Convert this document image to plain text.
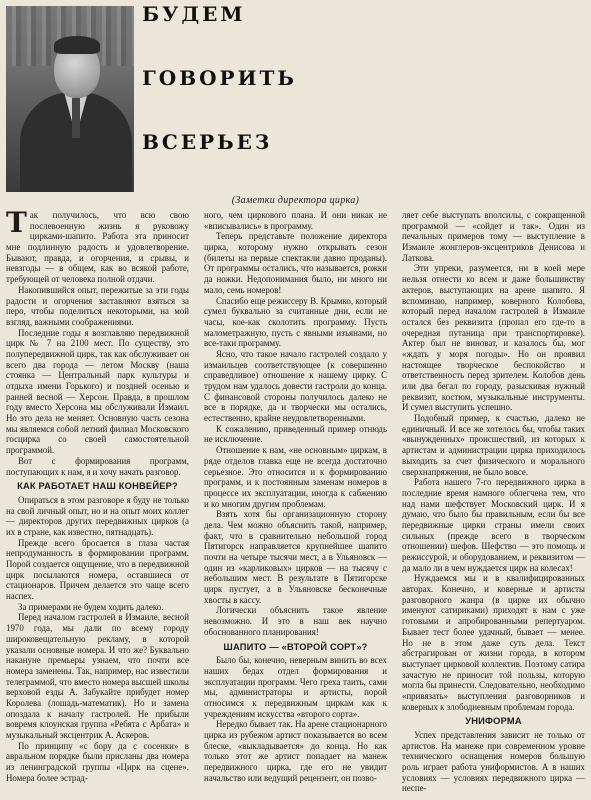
БУДЕМ
ГОВОРИТЬ
ВСЕРЬЕЗ
(Заметки директора цирка)

Так получилось, что всю свою послевоенную жизнь я руковожу цирками-шапито. Работа эта приносит мне подлинную радость и удовлетворение. Бывают, правда, и огорчения, и срывы, и невзгоды — в общем, как во всякой работе, требующей от человека полной отдачи.

Накопившийся опыт, пережитые за эти годы радости и огорчения заставляют взяться за перо, чтобы поделиться некоторыми, на мой взгляд, важными соображениями.

Последние годы я возглавляю передвижной цирк № 7 на 2100 мест. По существу, это полупередвижной цирк, так как обслуживает он всего два города — летом Москву (наша стоянка — Центральный парк культуры и отдыха имени Горького) и поздней осенью и ранней весной — Херсон. Правда, в прошлом году вместо Херсона мы обслуживали Измаил. Но это дела не меняет. Основную часть сезона мы являемся собой летний филиал Московского госцирка со своей самостоятельной программой.

Вот с формирования программ, поступающих к нам, я и хочу начать разговор.

КАК РАБОТАЕТ НАШ КОНВЕЙЕР?

Опираться в этом разговоре я буду не только на свой личный опыт, но и на опыт моих коллег — директоров других передвижных цирков (а их в стране, как известно, пятнадцать).

Прежде всего бросается в глаза частая непродуманность в формировании программ. Порой создается ощущение, что в передвижной цирк посылаются номера, оставшиеся от стационаров. Причем делается это чаще всего наспех.

За примерами не будем ходить далеко.

Перед началом гастролей в Измаиле, весной 1970 года, мы дали по всему городу широковещательную рекламу, в которой указали основные номера. И что же? Буквально накануне премьеры узнаем, что почти все номера заменены. Так, например, нас известили телеграммой, что вместо номера высшей школы верховой езды А. Забукайте прибудет номер Королева (лошадь-математик). Но и замена опоздала к началу гастролей. Не прибыли вовремя клоунская группа «Ребята с Арбата» и музыкальный эксцентрик А. Аскеров.

По принципу «с бору да с сосенки» в авральном порядке были присланы два номера из ленинградской группы «Цирк на сцене». Номера более эстрад-

ного, чем циркового плана. И они никак не «вписывались» в программу.

Теперь представьте положение директора цирка, которому нужно открывать сезон (билеты на первые спектакли давно проданы). От программы остались, что называется, рожки да ножки. Недопонимания было, ни много ни мало, семь номеров!

Спасибо еще режиссеру В. Крымко, который сумел буквально за считанные дни, если не часы, кое-как сколотить программу. Пусть малометражную, пусть с явными изъянами, но все-таки программу.

Ясно, что такое начало гастролей создало у измаильцев соответствующее (к совершенно справедливое) отношение к нашему цирку. С трудом нам удалось довести гастроли до конца. С финансовой стороны получилось далеко не все в порядке, да и творчески мы остались, естественно, крайне неудовлетворенными.

К сожалению, приведенный пример отнюдь не исключение.

Отношение к нам, «не основным» циркам, в ряде отделов главка еще не всегда достаточно серьезное. Это относится и к формированию программ, и к постоянным заменам номеров в процессе их эксплуатации, иногда к сабжению и ко многим другим проблемам.

Взять хотя бы организационную сторону дела. Чем можно объяснить такой, например, факт, что в сравнительно небольшой город Пятигорск направляется крупнейшее шапито почти на четыре тысячи мест, а в Ульяновск — один из «карликовых» цирков — на тысячу с небольшим мест. В результате в Пятигорске цирк пустует, а в Ульяновске бесконечные хвосты в кассу.

Логически объяснить такое явление невозможно. И это в наш век научно обоснованного планирования!

ШАПИТО — «ВТОРОЙ СОРТ»?

Было бы, конечно, неверным винить во всех наших бедах отдел формирования и эксплуатации программ. Чего греха таить, сами мы, администраторы и артисты, порой относимся к передвижным циркам как к учреждениям искусства «второго сорта».

Нередко бывает так. На арене стационарного цирка из рубежом артист показывается во всем блеске, «выкладывается» до конца. Но как только этот же артист попадает на манеж передвижного цирка, где его не увидит начальство или ведущий рецензент, он позво-

ляет себе выступать вполсилы, с сокращенной программой — «сойдет и так». Один из печальных примеров тому — выступление в Измаиле жонглеров-эксцентриков Денисова и Латкова.

Эти упреки, разумеется, ни в коей мере нельзя отнести ко всем и даже большинству актеров, выступающих на арене шапито. Я вспоминаю, например, коверного Колобова, который перед началом гастролей в Измаиле остался без реквизита (пропал его где-то в очередная путаница при транспортировке). Актер был не виноват, и казалось бы, мог «ждать у моря погоды». Но он проявил настоящее творческое беспокойство и ответственность перед зрителем. Колобов день или два бегал по городу, разыскивая нужный реквизит, костюм, музыкальные инструменты. И сумел выступить успешно.

Подобный пример, к счастью, далеко не единичный. И все же хотелось бы, чтобы таких «вынужденных» происшествий, из которых к артистам и администрации цирка приходилось выходить за счет физического и морального сверхнапряжения, не было вовсе.

Работа нашего 7-го передвижного цирка в последние время намного облегчена тем, что над нами шефствует Московский цирк. И я думаю, что было бы правильным, если бы все передвижные цирки страны имели своих сильных (прежде всего в творческом отношении) шефов. Шефство — это помощь и режиссурой, и оборудованием, и реквизитом — да мало ли в чем нуждается цирк на колесах!

Нуждаемся мы и в квалифицированных авторах. Конечно, и коверные и артисты разговорного жанра (в цирке их обычно именуют сатириками) приходят к нам с уже готовыми и апробированными репертуаром. Бывает тест более удачный, бывает — менее. Но не в этом даже суть дела. Текст абстрагирован от жизни города, в котором выступает цирковой коллектив. Поэтому сатира зачастую не приносит той пользы, которую могла бы принести. Следовательно, необходимо «привязать» выступления разговорников и коверных к злободневным проблемам города.

УНИФОРМА

Успех представления зависит не только от артистов. На манеже при современном уровне технического оснащения номеров большую роль играет работа униформистов. А в наших условиях — условиях передвижного цирка — неспе-
